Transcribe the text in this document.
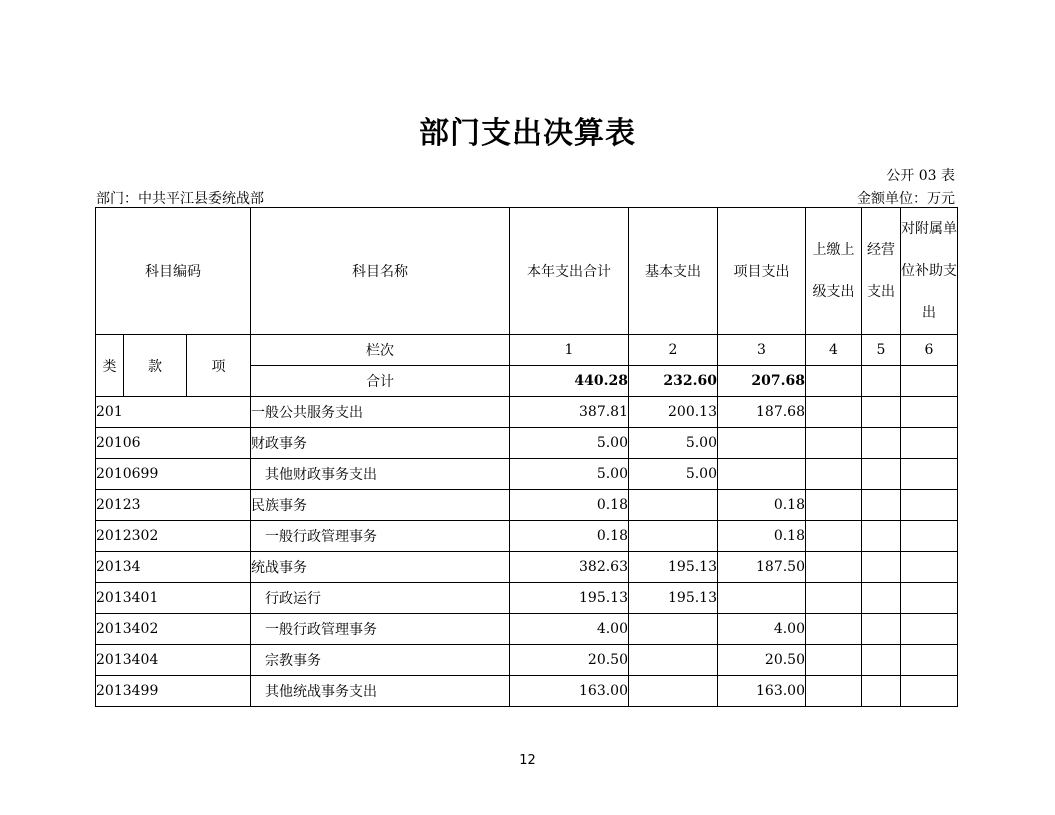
部门支出决算表
公开 03 表
部门：中共平江县委统战部	金额单位：万元
科目编码			科目名称	本年支出合计	基本支出	项目支出	上缴上级支出	经营支出	对附属单位补助支出
类	款	项	栏次	1	2	3	4	5	6
			合计	440.28	232.60	207.68			
201			一般公共服务支出	387.81	200.13	187.68			
20106			财政事务	5.00	5.00				
2010699			其他财政事务支出	5.00	5.00				
20123			民族事务	0.18		0.18			
2012302			一般行政管理事务	0.18		0.18			
20134			统战事务	382.63	195.13	187.50			
2013401			行政运行	195.13	195.13				
2013402			一般行政管理事务	4.00		4.00			
2013404			宗教事务	20.50		20.50			
2013499			其他统战事务支出	163.00		163.00			
12
